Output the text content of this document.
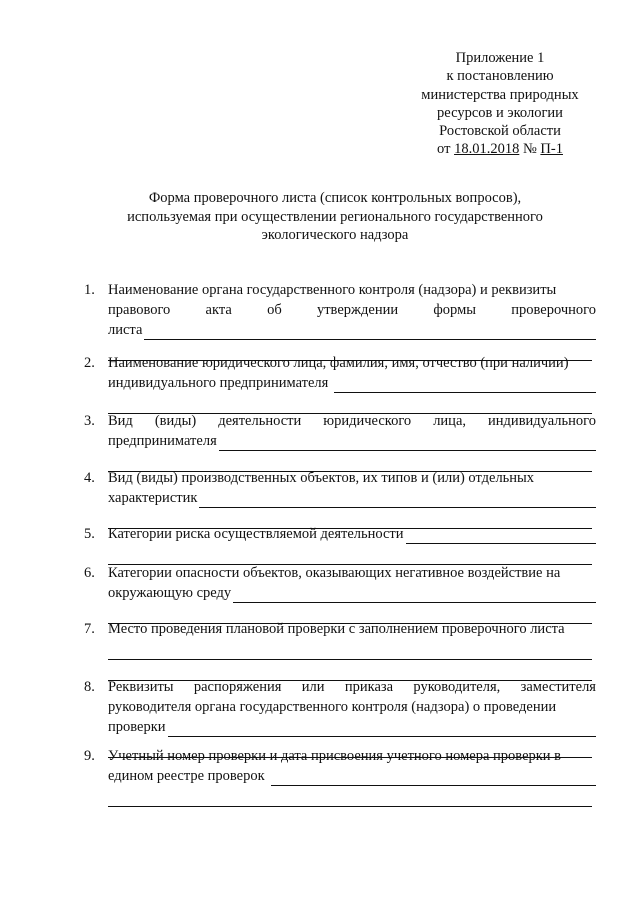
Приложение 1
к постановлению
министерства природных
ресурсов и экологии
Ростовской области
от 18.01.2018 № П-1
Форма проверочного листа (список контрольных вопросов),
используемая при осуществлении регионального государственного
экологического надзора
1. Наименование органа государственного контроля (надзора) и реквизиты
правового акта об утверждении формы проверочного
листа
2. Наименование юридического лица, фамилия, имя, отчество (при наличии)
индивидуального предпринимателя
3. Вид (виды) деятельности юридического лица, индивидуального
предпринимателя
4. Вид (виды) производственных объектов, их типов и (или) отдельных
характеристик
5. Категории риска осуществляемой деятельности
6. Категории опасности объектов, оказывающих негативное воздействие на
окружающую среду
7. Место проведения плановой проверки с заполнением проверочного листа
8. Реквизиты распоряжения или приказа руководителя, заместителя
руководителя органа государственного контроля (надзора) о проведении
проверки
9. Учетный номер проверки и дата присвоения учетного номера проверки в
едином реестре проверок
